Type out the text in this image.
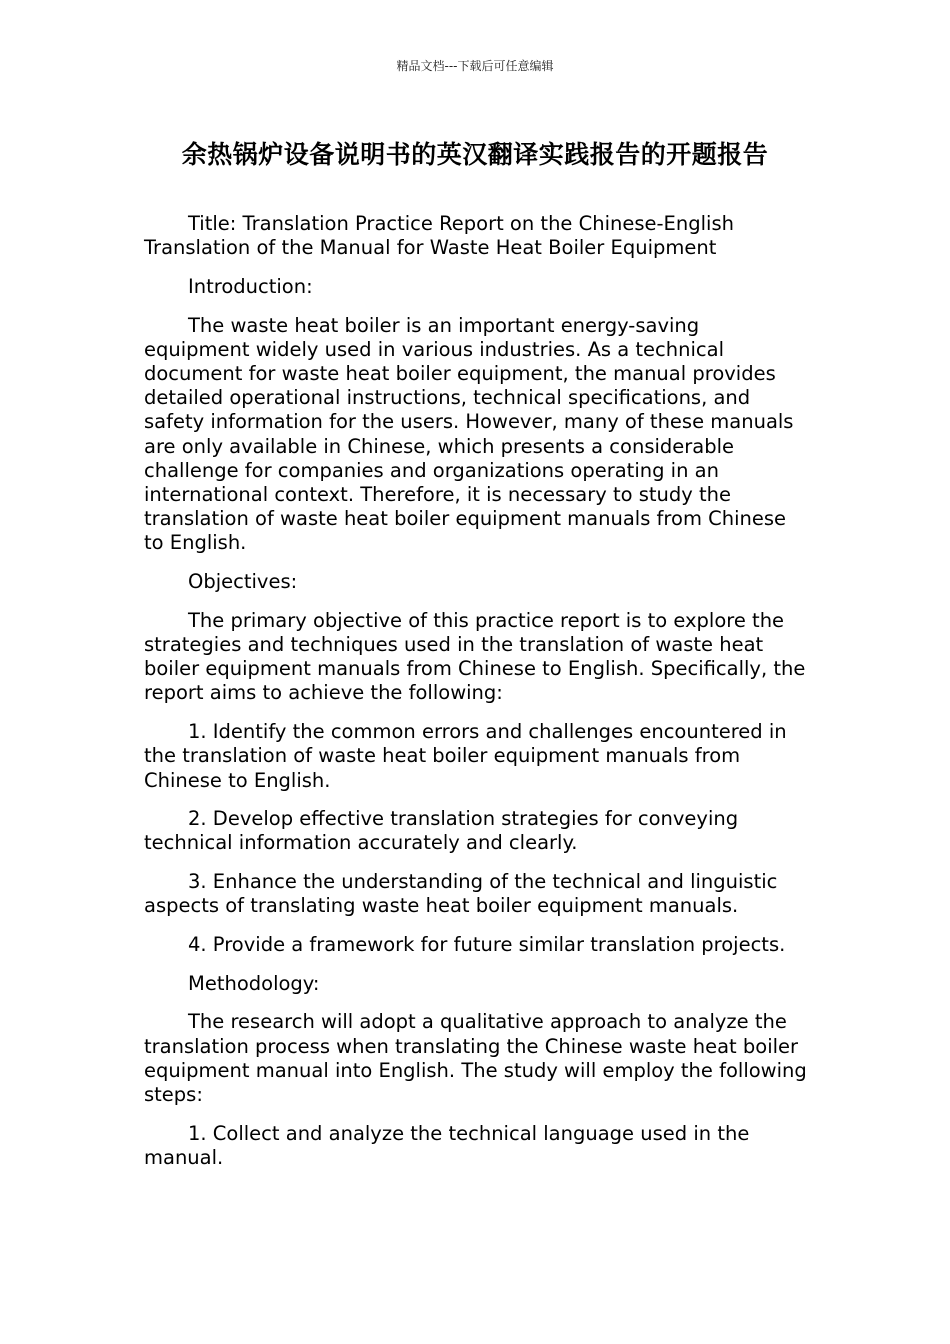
精品文档---下载后可任意编辑
余热锅炉设备说明书的英汉翻译实践报告的开题报告

Title: Translation Practice Report on the Chinese-English Translation of the Manual for Waste Heat Boiler Equipment

Introduction:

The waste heat boiler is an important energy-saving equipment widely used in various industries. As a technical document for waste heat boiler equipment, the manual provides detailed operational instructions, technical specifications, and safety information for the users. However, many of these manuals are only available in Chinese, which presents a considerable challenge for companies and organizations operating in an international context. Therefore, it is necessary to study the translation of waste heat boiler equipment manuals from Chinese to English.

Objectives:

The primary objective of this practice report is to explore the strategies and techniques used in the translation of waste heat boiler equipment manuals from Chinese to English. Specifically, the report aims to achieve the following:

1. Identify the common errors and challenges encountered in the translation of waste heat boiler equipment manuals from Chinese to English.

2. Develop effective translation strategies for conveying technical information accurately and clearly.

3. Enhance the understanding of the technical and linguistic aspects of translating waste heat boiler equipment manuals.

4. Provide a framework for future similar translation projects.

Methodology:

The research will adopt a qualitative approach to analyze the translation process when translating the Chinese waste heat boiler equipment manual into English. The study will employ the following steps:

1. Collect and analyze the technical language used in the manual.
